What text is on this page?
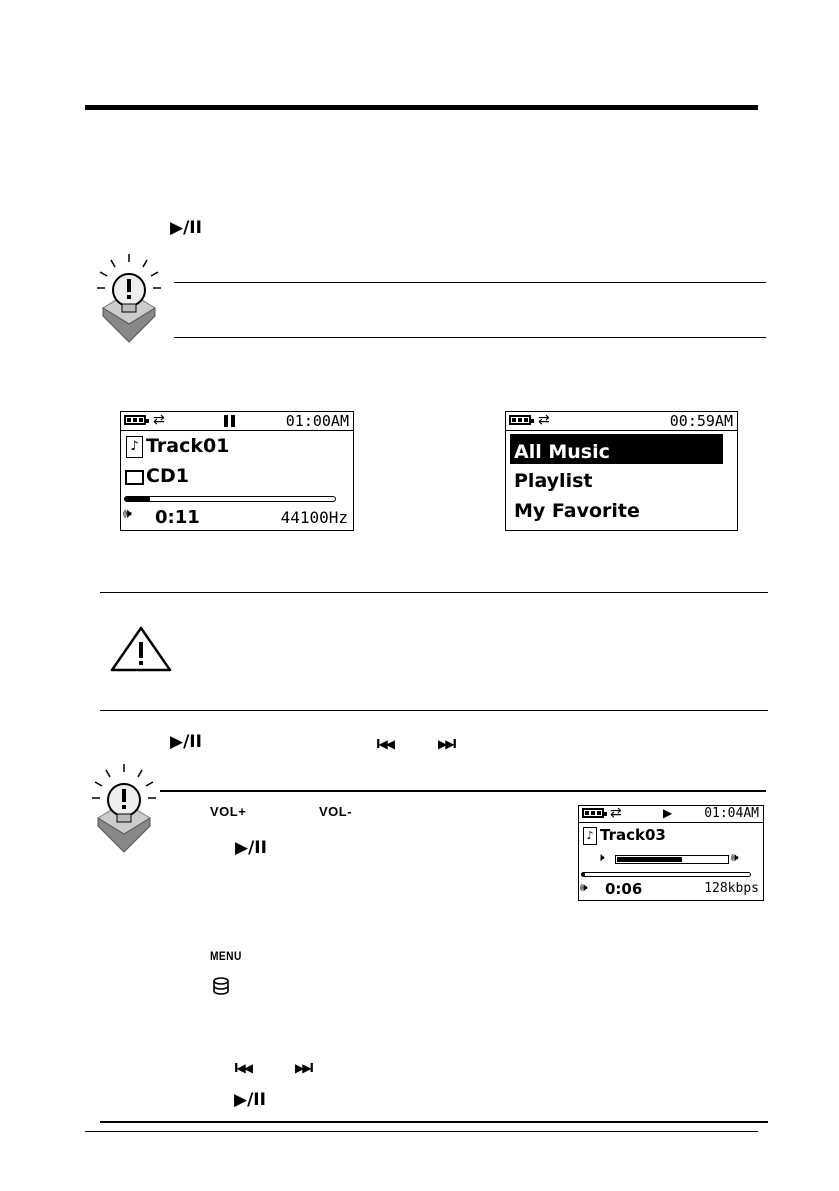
▶/II
⇄	01:00AM
♪ Track01
CD1
🕪 0:11	44100Hz
⇄	00:59AM
All Music
Playlist
My Favorite
▶/II	I◀◀	▶▶I
VOL+	VOL-
▶/II
⇄	▶ 01:04AM
♪ Track03
🕨	🕪
🕪 0:06	128kbps
MENU
I◀◀	▶▶I
▶/II
